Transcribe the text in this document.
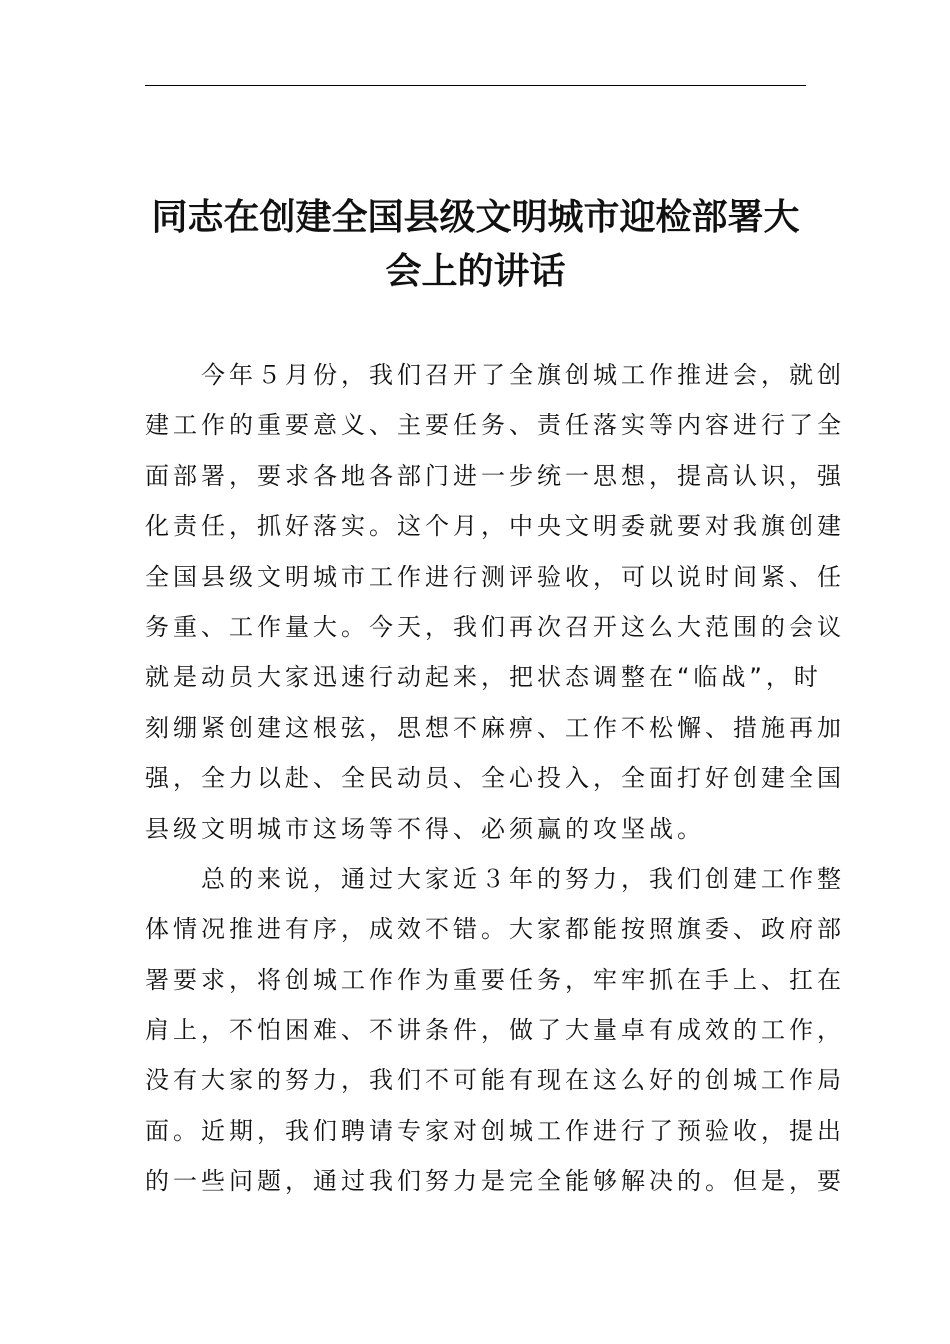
同志在创建全国县级文明城市迎检部署大
会上的讲话

今年５月份，我们召开了全旗创城工作推进会，就创
建工作的重要意义、主要任务、责任落实等内容进行了全
面部署，要求各地各部门进一步统一思想，提高认识，强
化责任，抓好落实。这个月，中央文明委就要对我旗创建
全国县级文明城市工作进行测评验收，可以说时间紧、任
务重、工作量大。今天，我们再次召开这么大范围的会议
就是动员大家迅速行动起来，把状态调整在“临战”，时
刻绷紧创建这根弦，思想不麻痹、工作不松懈、措施再加
强，全力以赴、全民动员、全心投入，全面打好创建全国
县级文明城市这场等不得、必须赢的攻坚战。

总的来说，通过大家近３年的努力，我们创建工作整
体情况推进有序，成效不错。大家都能按照旗委、政府部
署要求，将创城工作作为重要任务，牢牢抓在手上、扛在
肩上，不怕困难、不讲条件，做了大量卓有成效的工作，
没有大家的努力，我们不可能有现在这么好的创城工作局
面。近期，我们聘请专家对创城工作进行了预验收，提出
的一些问题，通过我们努力是完全能够解决的。但是，要
